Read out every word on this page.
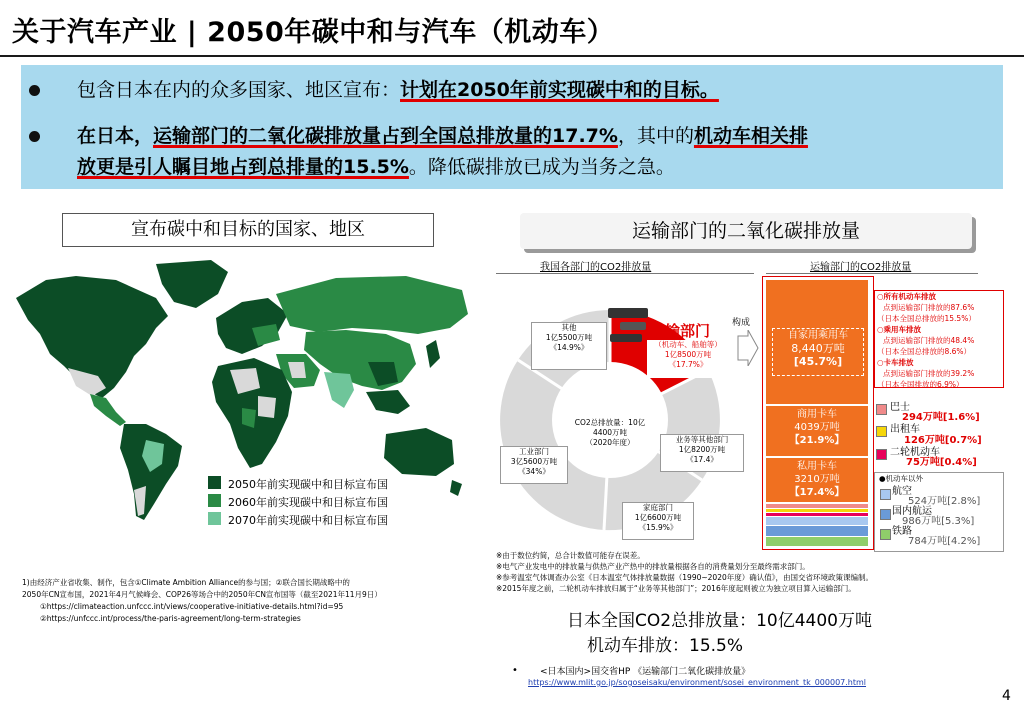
关于汽车产业 | 2050年碳中和与汽车（机动车）
包含日本在内的众多国家、地区宣布：计划在2050年前实现碳中和的目标。
在日本，运输部门的二氧化碳排放量占到全国总排放量的17.7%，其中的机动车相关排
放更是引人瞩目地占到总排量的15.5%。降低碳排放已成为当务之急。
宣布碳中和目标的国家、地区
2050年前实现碳中和目标宣布国
2060年前实现碳中和目标宣布国
2070年前实现碳中和目标宣布国
1)由经济产业省收集、制作，包含①Climate Ambition Alliance的参与国；②联合国长期战略中的
2050年CN宣布国，2021年4月气候峰会、COP26等场合中的2050年CN宣布国等（截至2021年11月9日）
①https://climateaction.unfccc.int/views/cooperative-initiative-details.html?id=95
②https://unfccc.int/process/the-paris-agreement/long-term-strategies
运输部门的二氧化碳排放量
我国各部门的CO2排放量	运输部门的CO2排放量
其他
1亿5500万吨
《14.9%》
运输部门
（机动车、船舶等）
1亿8500万吨
《17.7%》
CO2总排放量：10亿
4400万吨
（2020年度）
工业部门
3亿5600万吨
《34%》
业务等其他部门
1亿8200万吨
《17.4》
家庭部门
1亿6600万吨
《15.9%》
构成
自家用乘用车
8,440万吨
[45.7%]
商用卡车
4039万吨
【21.9%】
私用卡车
3210万吨
【17.4%】
○所有机动车排放
点到运输部门排放的87.6%
（日本全国总排放的15.5%）
○乘用车排放
点到运输部门排放的48.4%
（日本全国总排放的8.6%）
○卡车排放
点到运输部门排放的39.2%
（日本全国排放的6.9%）
巴士
294万吨[1.6%]
出租车
126万吨[0.7%]
二轮机动车
75万吨[0.4%]
●机动车以外
航空
524万吨[2.8%]
国内航运
986万吨[5.3%]
铁路
784万吨[4.2%]
※由于数位约简，总合计数值可能存在误差。
※电气产业发电中的排放量与供热产业产热中的排放量根据各自的消费量划分至最终需求部门。
※参考温室气体调查办公室《日本温室气体排放量数据（1990~2020年度）确认值》，由国交省环境政策课编制。
※2015年度之前，二轮机动车排放归属于“业务等其他部门”；2016年度起则被立为独立项目算入运输部门。
日本全国CO2总排放量：10亿4400万吨
机动车排放：15.5%
• <日本国内>国交省HP 《运输部门二氧化碳排放量》
https://www.mlit.go.jp/sogoseisaku/environment/sosei_environment_tk_000007.html
4
